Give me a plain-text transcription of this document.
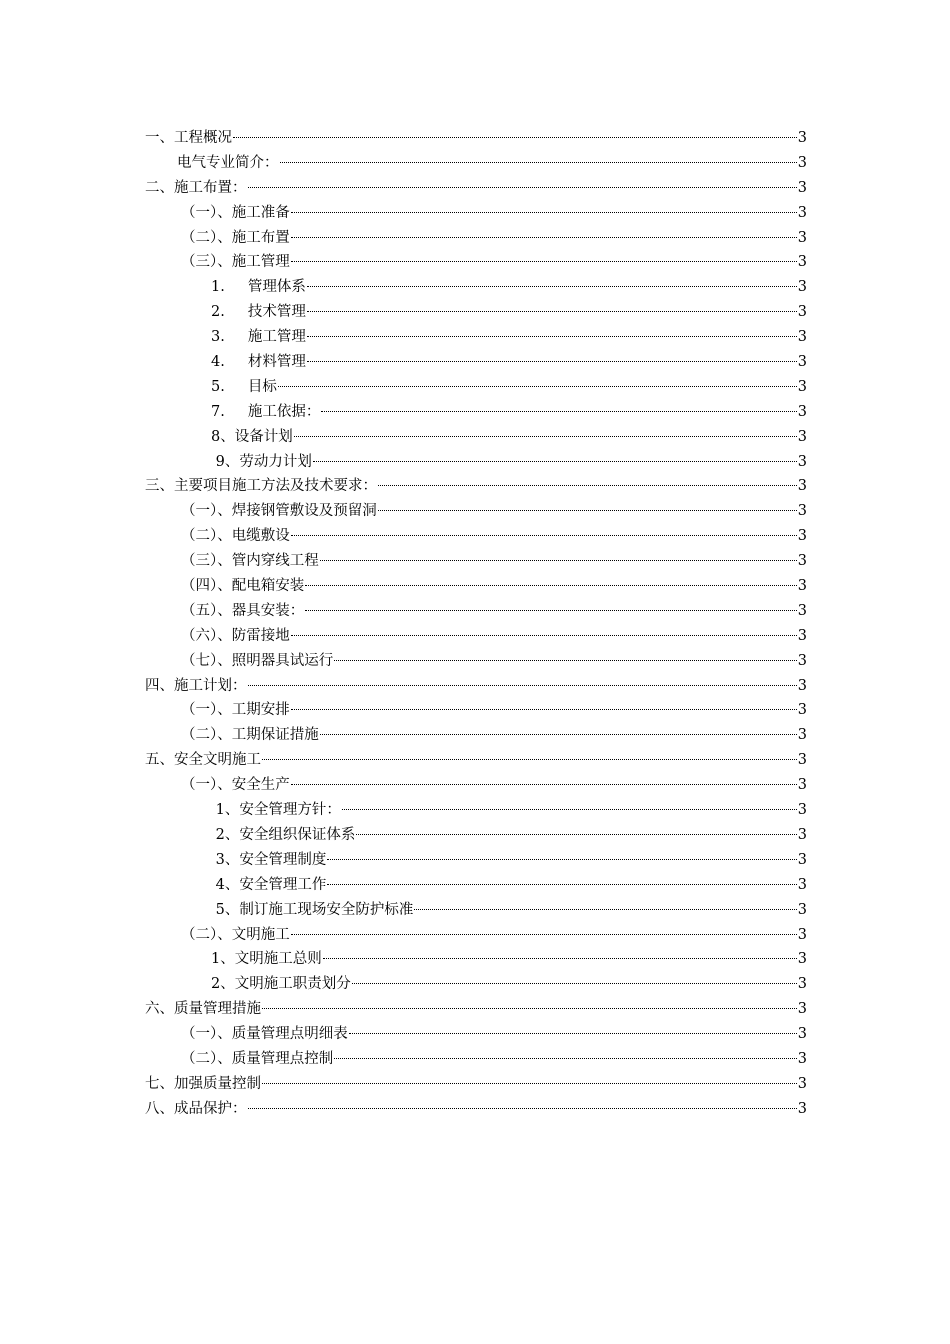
一、工程概况	3
电气专业简介：	3
二、施工布置：	3
（一）、施工准备	3
（二）、施工布置	3
（三）、施工管理	3
1.     管理体系	3
2.     技术管理	3
3.     施工管理	3
4.     材料管理	3
5.     目标	3
7.     施工依据：	3
8、设备计划	3
9、劳动力计划	3
三、主要项目施工方法及技术要求：	3
（一）、焊接钢管敷设及预留洞	3
（二）、电缆敷设	3
（三）、管内穿线工程	3
（四）、配电箱安装	3
（五）、器具安装：	3
（六）、防雷接地	3
（七）、照明器具试运行	3
四、施工计划：	3
（一）、工期安排	3
（二）、工期保证措施	3
五、安全文明施工	3
（一）、安全生产	3
1、安全管理方针：	3
2、安全组织保证体系	3
3、安全管理制度	3
4、安全管理工作	3
5、制订施工现场安全防护标准	3
（二）、文明施工	3
1、文明施工总则	3
2、文明施工职责划分	3
六、质量管理措施	3
（一）、质量管理点明细表	3
（二）、质量管理点控制	3
七、加强质量控制	3
八、成品保护：	3
